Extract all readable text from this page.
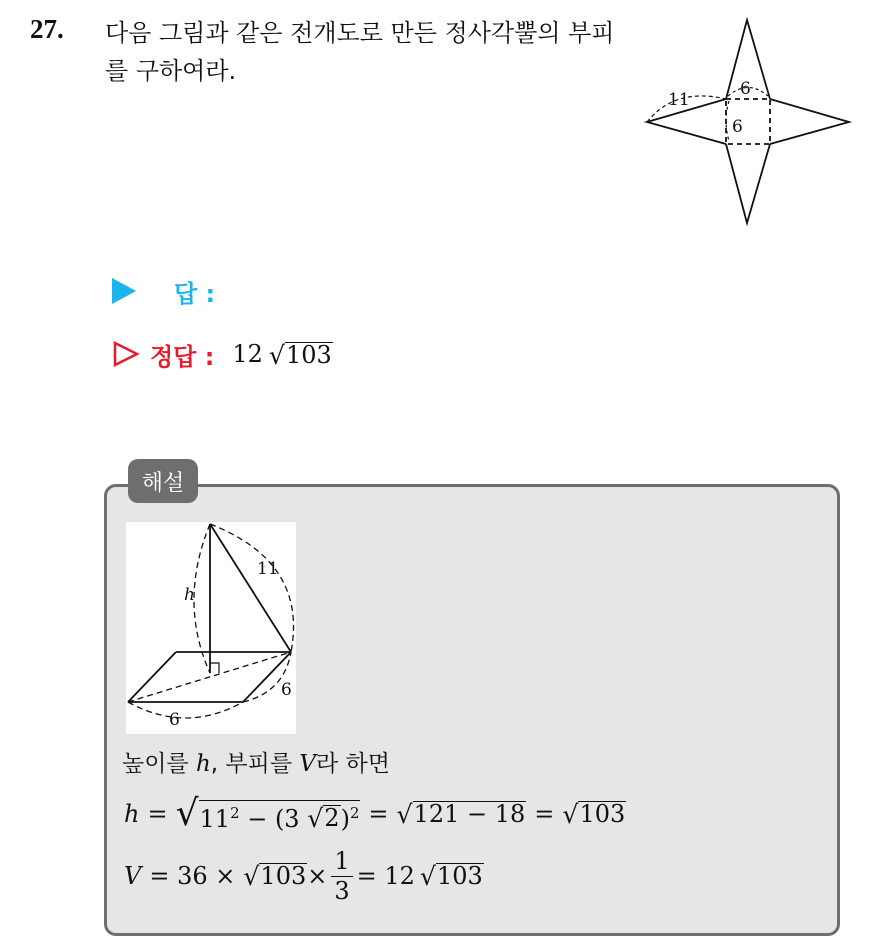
27. 다음 그림과 같은 전개도로 만든 정사각뿔의 부피를 구하여라.
11
6
6
답 :
정답 : 12 √ 103
해설
h
11
6
6
높이를 h, 부피를 V라 하면
h = √ $11^2 - (3$ √ 2 )$^2$ = √ 121 − 18 = √ 103
V = 36 × √ $103 \times \frac{1}{3} = 12$ √ 103
